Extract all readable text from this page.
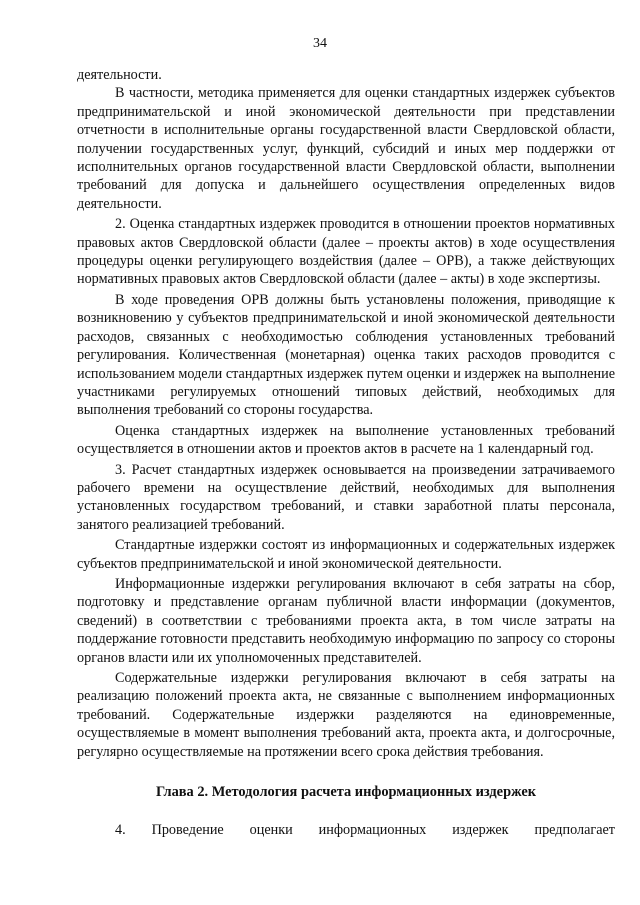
34

деятельности.

В частности, методика применяется для оценки стандартных издержек субъектов предпринимательской и иной экономической деятельности при представлении отчетности в исполнительные органы государственной власти Свердловской области, получении государственных услуг, функций, субсидий и иных мер поддержки от исполнительных органов государственной власти Свердловской области, выполнении требований для допуска и дальнейшего осуществления определенных видов деятельности.

2. Оценка стандартных издержек проводится в отношении проектов нормативных правовых актов Свердловской области (далее – проекты актов) в ходе осуществления процедуры оценки регулирующего воздействия (далее – ОРВ), а также действующих нормативных правовых актов Свердловской области (далее – акты) в ходе экспертизы.

В ходе проведения ОРВ должны быть установлены положения, приводящие к возникновению у субъектов предпринимательской и иной экономической деятельности расходов, связанных с необходимостью соблюдения установленных требований регулирования. Количественная (монетарная) оценка таких расходов проводится с использованием модели стандартных издержек путем оценки и издержек на выполнение участниками регулируемых отношений типовых действий, необходимых для выполнения требований со стороны государства.

Оценка стандартных издержек на выполнение установленных требований осуществляется в отношении актов и проектов актов в расчете на 1 календарный год.

3. Расчет стандартных издержек основывается на произведении затрачиваемого рабочего времени на осуществление действий, необходимых для выполнения установленных государством требований, и ставки заработной платы персонала, занятого реализацией требований.

Стандартные издержки состоят из информационных и содержательных издержек субъектов предпринимательской и иной экономической деятельности.

Информационные издержки регулирования включают в себя затраты на сбор, подготовку и представление органам публичной власти информации (документов, сведений) в соответствии с требованиями проекта акта, в том числе затраты на поддержание готовности представить необходимую информацию по запросу со стороны органов власти или их уполномоченных представителей.

Содержательные издержки регулирования включают в себя затраты на реализацию положений проекта акта, не связанные с выполнением информационных требований. Содержательные издержки разделяются на единовременные, осуществляемые в момент выполнения требований акта, проекта акта, и долгосрочные, регулярно осуществляемые на протяжении всего срока действия требования.

Глава 2. Методология расчета информационных издержек

4. Проведение оценки информационных издержек предполагает
